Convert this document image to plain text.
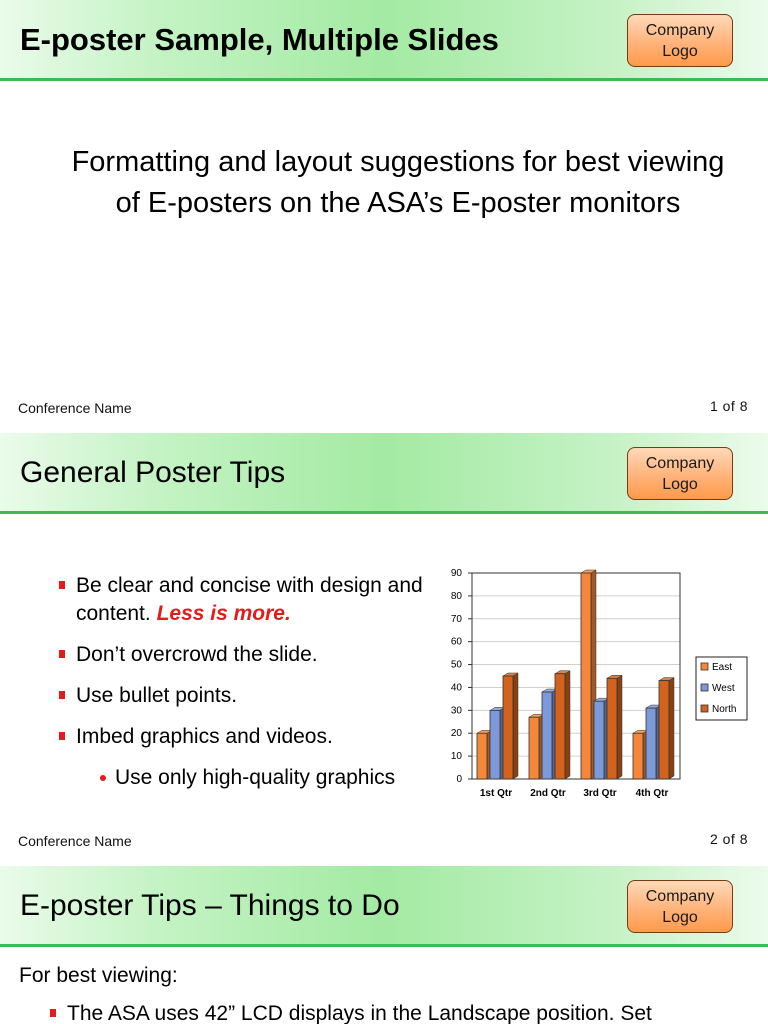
E-poster Sample, Multiple Slides	Company Logo
Formatting and layout suggestions for best viewing of E-posters on the ASA’s E-poster monitors
Conference Name	1 of 8
General Poster Tips	Company Logo
Be clear and concise with design and content. Less is more.
Don’t overcrowd the slide.
Use bullet points.
Imbed graphics and videos.
Use only high-quality graphics	0
10
20
30
40
50
60
70
80
90
1st Qtr 2nd Qtr 3rd Qtr 4th Qtr
East
West
North
Conference Name	2 of 8
E-poster Tips – Things to Do	Company Logo
For best viewing:
The ASA uses 42” LCD displays in the Landscape position. Set
